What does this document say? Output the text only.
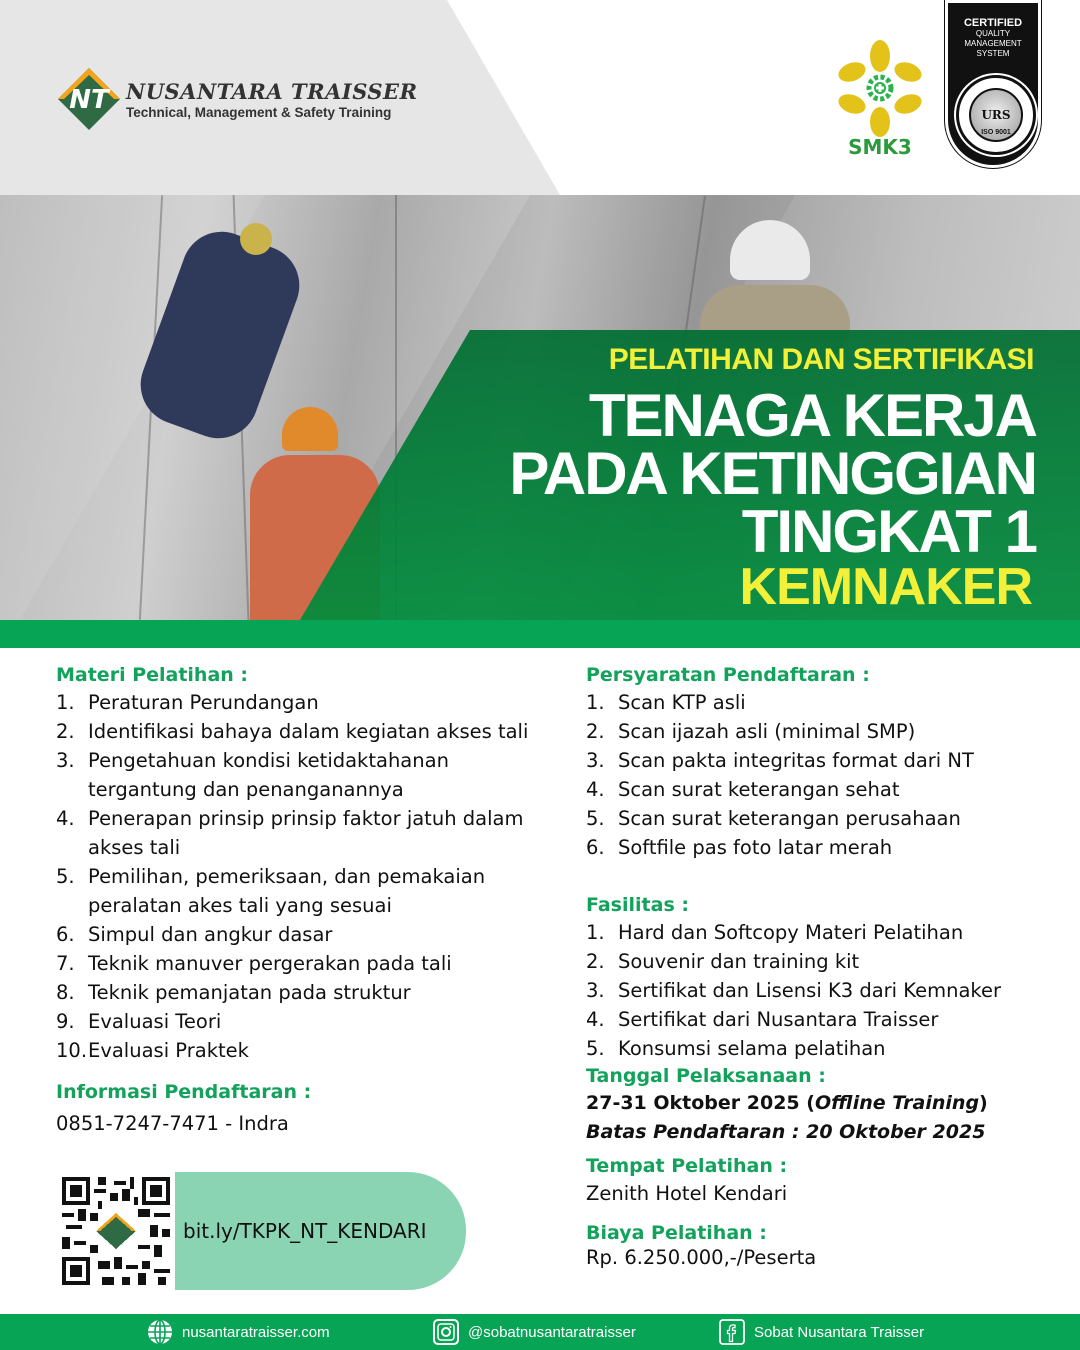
NT NUSANTARA TRAISSER
Technical, Management & Safety Training
SMK3
CERTIFIED
QUALITY
MANAGEMENT
SYSTEM
URS
ISO 9001
PELATIHAN DAN SERTIFIKASI
TENAGA KERJA
PADA KETINGGIAN
TINGKAT 1
KEMNAKER
Materi Pelatihan :
1. Peraturan Perundangan
2. Identifikasi bahaya dalam kegiatan akses tali
3. Pengetahuan kondisi ketidaktahanan tergantung dan penanganannya
4. Penerapan prinsip prinsip faktor jatuh dalam akses tali
5. Pemilihan, pemeriksaan, dan pemakaian peralatan akes tali yang sesuai
6. Simpul dan angkur dasar
7. Teknik manuver pergerakan pada tali
8. Teknik pemanjatan pada struktur
9. Evaluasi Teori
10. Evaluasi Praktek
Informasi Pendaftaran :
0851-7247-7471 - Indra
bit.ly/TKPK_NT_KENDARI
Persyaratan Pendaftaran :
1. Scan KTP asli
2. Scan ijazah asli (minimal SMP)
3. Scan pakta integritas format dari NT
4. Scan surat keterangan sehat
5. Scan surat keterangan perusahaan
6. Softfile pas foto latar merah
Fasilitas :
1. Hard dan Softcopy Materi Pelatihan
2. Souvenir dan training kit
3. Sertifikat dan Lisensi K3 dari Kemnaker
4. Sertifikat dari Nusantara Traisser
5. Konsumsi selama pelatihan
Tanggal Pelaksanaan :
27-31 Oktober 2025 (Offline Training)
Batas Pendaftaran : 20 Oktober 2025
Tempat Pelatihan :
Zenith Hotel Kendari
Biaya Pelatihan :
Rp. 6.250.000,-/Peserta
nusantaratraisser.com	@sobatnusantaratraisser	Sobat Nusantara Traisser
